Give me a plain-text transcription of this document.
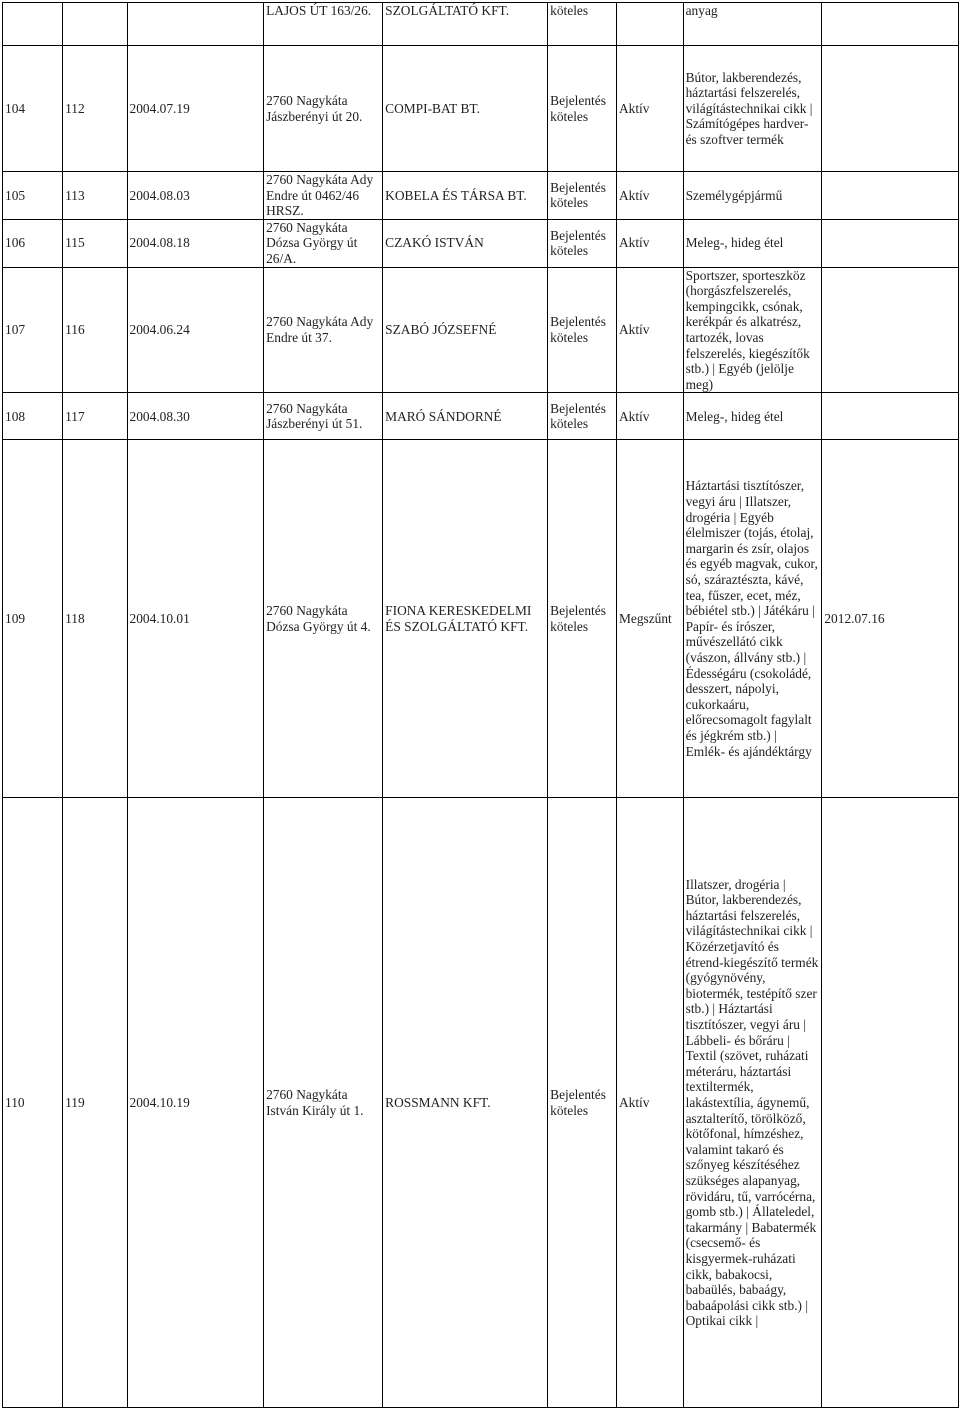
			LAJOS ÚT 163/26.	SZOLGÁLTATÓ KFT.	köteles		anyag	
104	112	2004.07.19	2760 Nagykáta Jászberényi út 20.	COMPI-BAT BT.	Bejelentés köteles	Aktív	Bútor, lakberendezés, háztartási felszerelés, világítástechnikai cikk | Számítógépes hardver- és szoftver termék	
105	113	2004.08.03	2760 Nagykáta Ady Endre út 0462/46 HRSZ.	KOBELA ÉS TÁRSA BT.	Bejelentés köteles	Aktív	Személygépjármű	
106	115	2004.08.18	2760 Nagykáta Dózsa György út 26/A.	CZAKÓ ISTVÁN	Bejelentés köteles	Aktív	Meleg-, hideg étel	
107	116	2004.06.24	2760 Nagykáta Ady Endre út 37.	SZABÓ JÓZSEFNÉ	Bejelentés köteles	Aktív	Sportszer, sporteszköz (horgászfelszerelés, kempingcikk, csónak, kerékpár és alkatrész, tartozék, lovas felszerelés, kiegészítők stb.) | Egyéb (jelölje meg)	
108	117	2004.08.30	2760 Nagykáta Jászberényi út 51.	MARÓ SÁNDORNÉ	Bejelentés köteles	Aktív	Meleg-, hideg étel	
109	118	2004.10.01	2760 Nagykáta Dózsa György út 4.	FIONA KERESKEDELMI ÉS SZOLGÁLTATÓ KFT.	Bejelentés köteles	Megszűnt	Háztartási tisztítószer, vegyi áru | Illatszer, drogéria | Egyéb élelmiszer (tojás, étolaj, margarin és zsír, olajos és egyéb magvak, cukor, só, száraztészta, kávé, tea, fűszer, ecet, méz, bébiétel stb.) | Játékáru | Papír- és írószer, művészellátó cikk (vászon, állvány stb.) | Édességáru (csokoládé, desszert, nápolyi, cukorkaáru, előrecsomagolt fagylalt és jégkrém stb.) | Emlék- és ajándéktárgy	2012.07.16
110	119	2004.10.19	2760 Nagykáta István Király út 1.	ROSSMANN KFT.	Bejelentés köteles	Aktív	Illatszer, drogéria | Bútor, lakberendezés, háztartási felszerelés, világítástechnikai cikk | Közérzetjavító és étrend-kiegészítő termék (gyógynövény, biotermék, testépítő szer stb.) | Háztartási tisztítószer, vegyi áru | Lábbeli- és bőráru | Textil (szövet, ruházati méteráru, háztartási textiltermék, lakástextília, ágynemű, asztalterítő, törölköző, kötőfonal, hímzéshez, valamint takaró és szőnyeg készítéséhez szükséges alapanyag, rövidáru, tű, varrócérna, gomb stb.) | Állateledel, takarmány | Babatermék (csecsemő- és kisgyermek-ruházati cikk, babakocsi, babaülés, babaágy, babaápolási cikk stb.) | Optikai cikk |	
